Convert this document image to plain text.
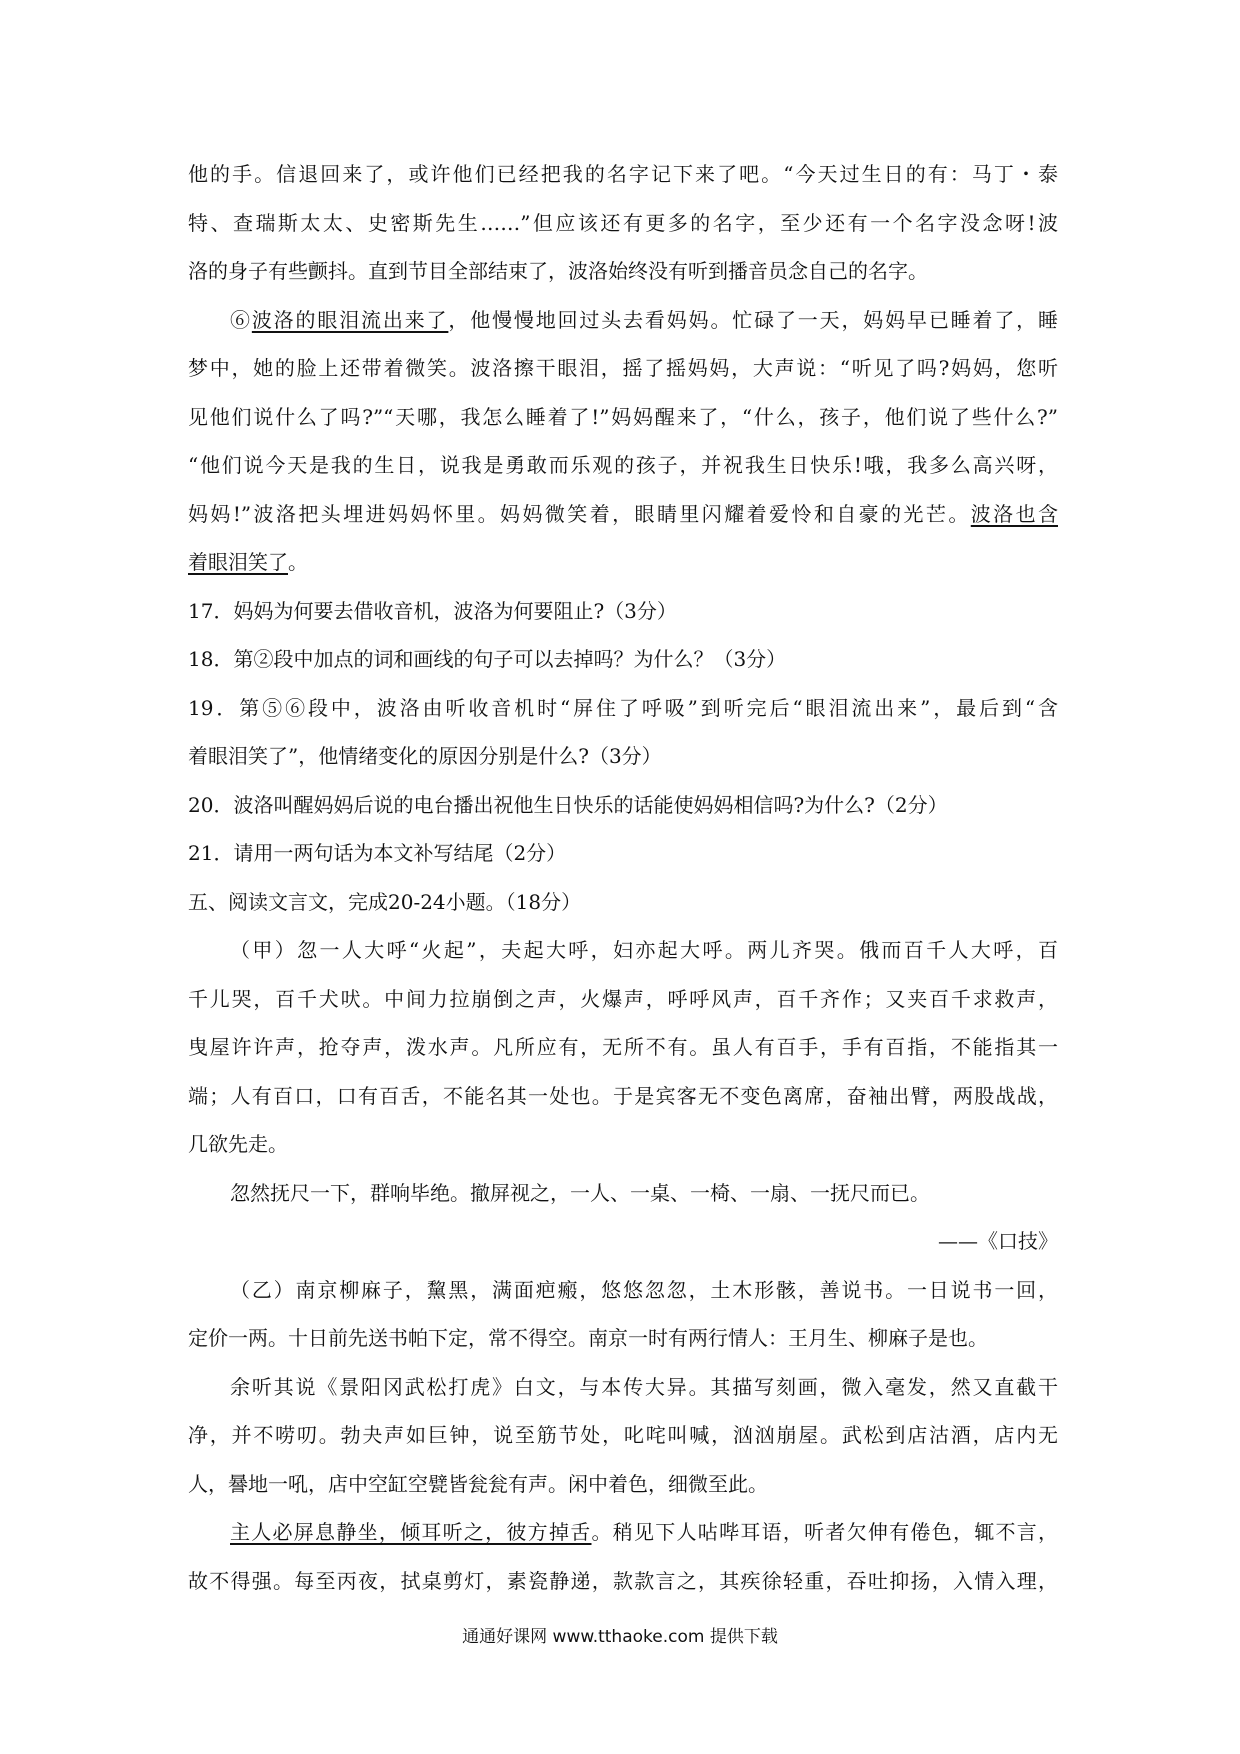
他的手。信退回来了，或许他们已经把我的名字记下来了吧。“今天过生日的有：马丁・泰
特、查瑞斯太太、史密斯先生……”但应该还有更多的名字，至少还有一个名字没念呀!波
洛的身子有些颤抖。直到节目全部结束了，波洛始终没有听到播音员念自己的名字。
⑥波洛的眼泪流出来了，他慢慢地回过头去看妈妈。忙碌了一天，妈妈早已睡着了，睡
梦中，她的脸上还带着微笑。波洛擦干眼泪，摇了摇妈妈，大声说：“听见了吗?妈妈，您听
见他们说什么了吗?”“天哪，我怎么睡着了!”妈妈醒来了，“什么，孩子，他们说了些什么?”
“他们说今天是我的生日，说我是勇敢而乐观的孩子，并祝我生日快乐!哦，我多么高兴呀，
妈妈!”波洛把头埋进妈妈怀里。妈妈微笑着，眼睛里闪耀着爱怜和自豪的光芒。波洛也含
着眼泪笑了。
17．妈妈为何要去借收音机，波洛为何要阻止?（3分）
18．第②段中加点的词和画线的句子可以去掉吗？为什么？（3分）
19．第⑤⑥段中，波洛由听收音机时“屏住了呼吸”到听完后“眼泪流出来”，最后到“含
着眼泪笑了”，他情绪变化的原因分别是什么?（3分）
20．波洛叫醒妈妈后说的电台播出祝他生日快乐的话能使妈妈相信吗?为什么?（2分）
21．请用一两句话为本文补写结尾（2分）
五、阅读文言文，完成20-24小题。（18分）
（甲）忽一人大呼“火起”，夫起大呼，妇亦起大呼。两儿齐哭。俄而百千人大呼，百
千儿哭，百千犬吠。中间力拉崩倒之声，火爆声，呼呼风声，百千齐作；又夹百千求救声，
曳屋许许声，抢夺声，泼水声。凡所应有，无所不有。虽人有百手，手有百指，不能指其一
端；人有百口，口有百舌，不能名其一处也。于是宾客无不变色离席，奋袖出臂，两股战战，
几欲先走。
忽然抚尺一下，群响毕绝。撤屏视之，一人、一桌、一椅、一扇、一抚尺而已。
——《口技》
（乙）南京柳麻子，黧黑，满面疤瘢，悠悠忽忽，土木形骸，善说书。一日说书一回，
定价一两。十日前先送书帕下定，常不得空。南京一时有两行情人：王月生、柳麻子是也。
余听其说《景阳冈武松打虎》白文，与本传大异。其描写刻画，微入毫发，然又直截干
净，并不唠叨。勃夬声如巨钟，说至筋节处，叱咤叫喊，汹汹崩屋。武松到店沽酒，店内无
人，謈地一吼，店中空缸空甓皆瓮瓮有声。闲中着色，细微至此。
主人必屏息静坐，倾耳听之，彼方掉舌。稍见下人呫哔耳语，听者欠伸有倦色，辄不言，
故不得强。每至丙夜，拭桌剪灯，素瓷静递，款款言之，其疾徐轻重，吞吐抑扬，入情入理，
通通好课网 www.tthaoke.com 提供下载
